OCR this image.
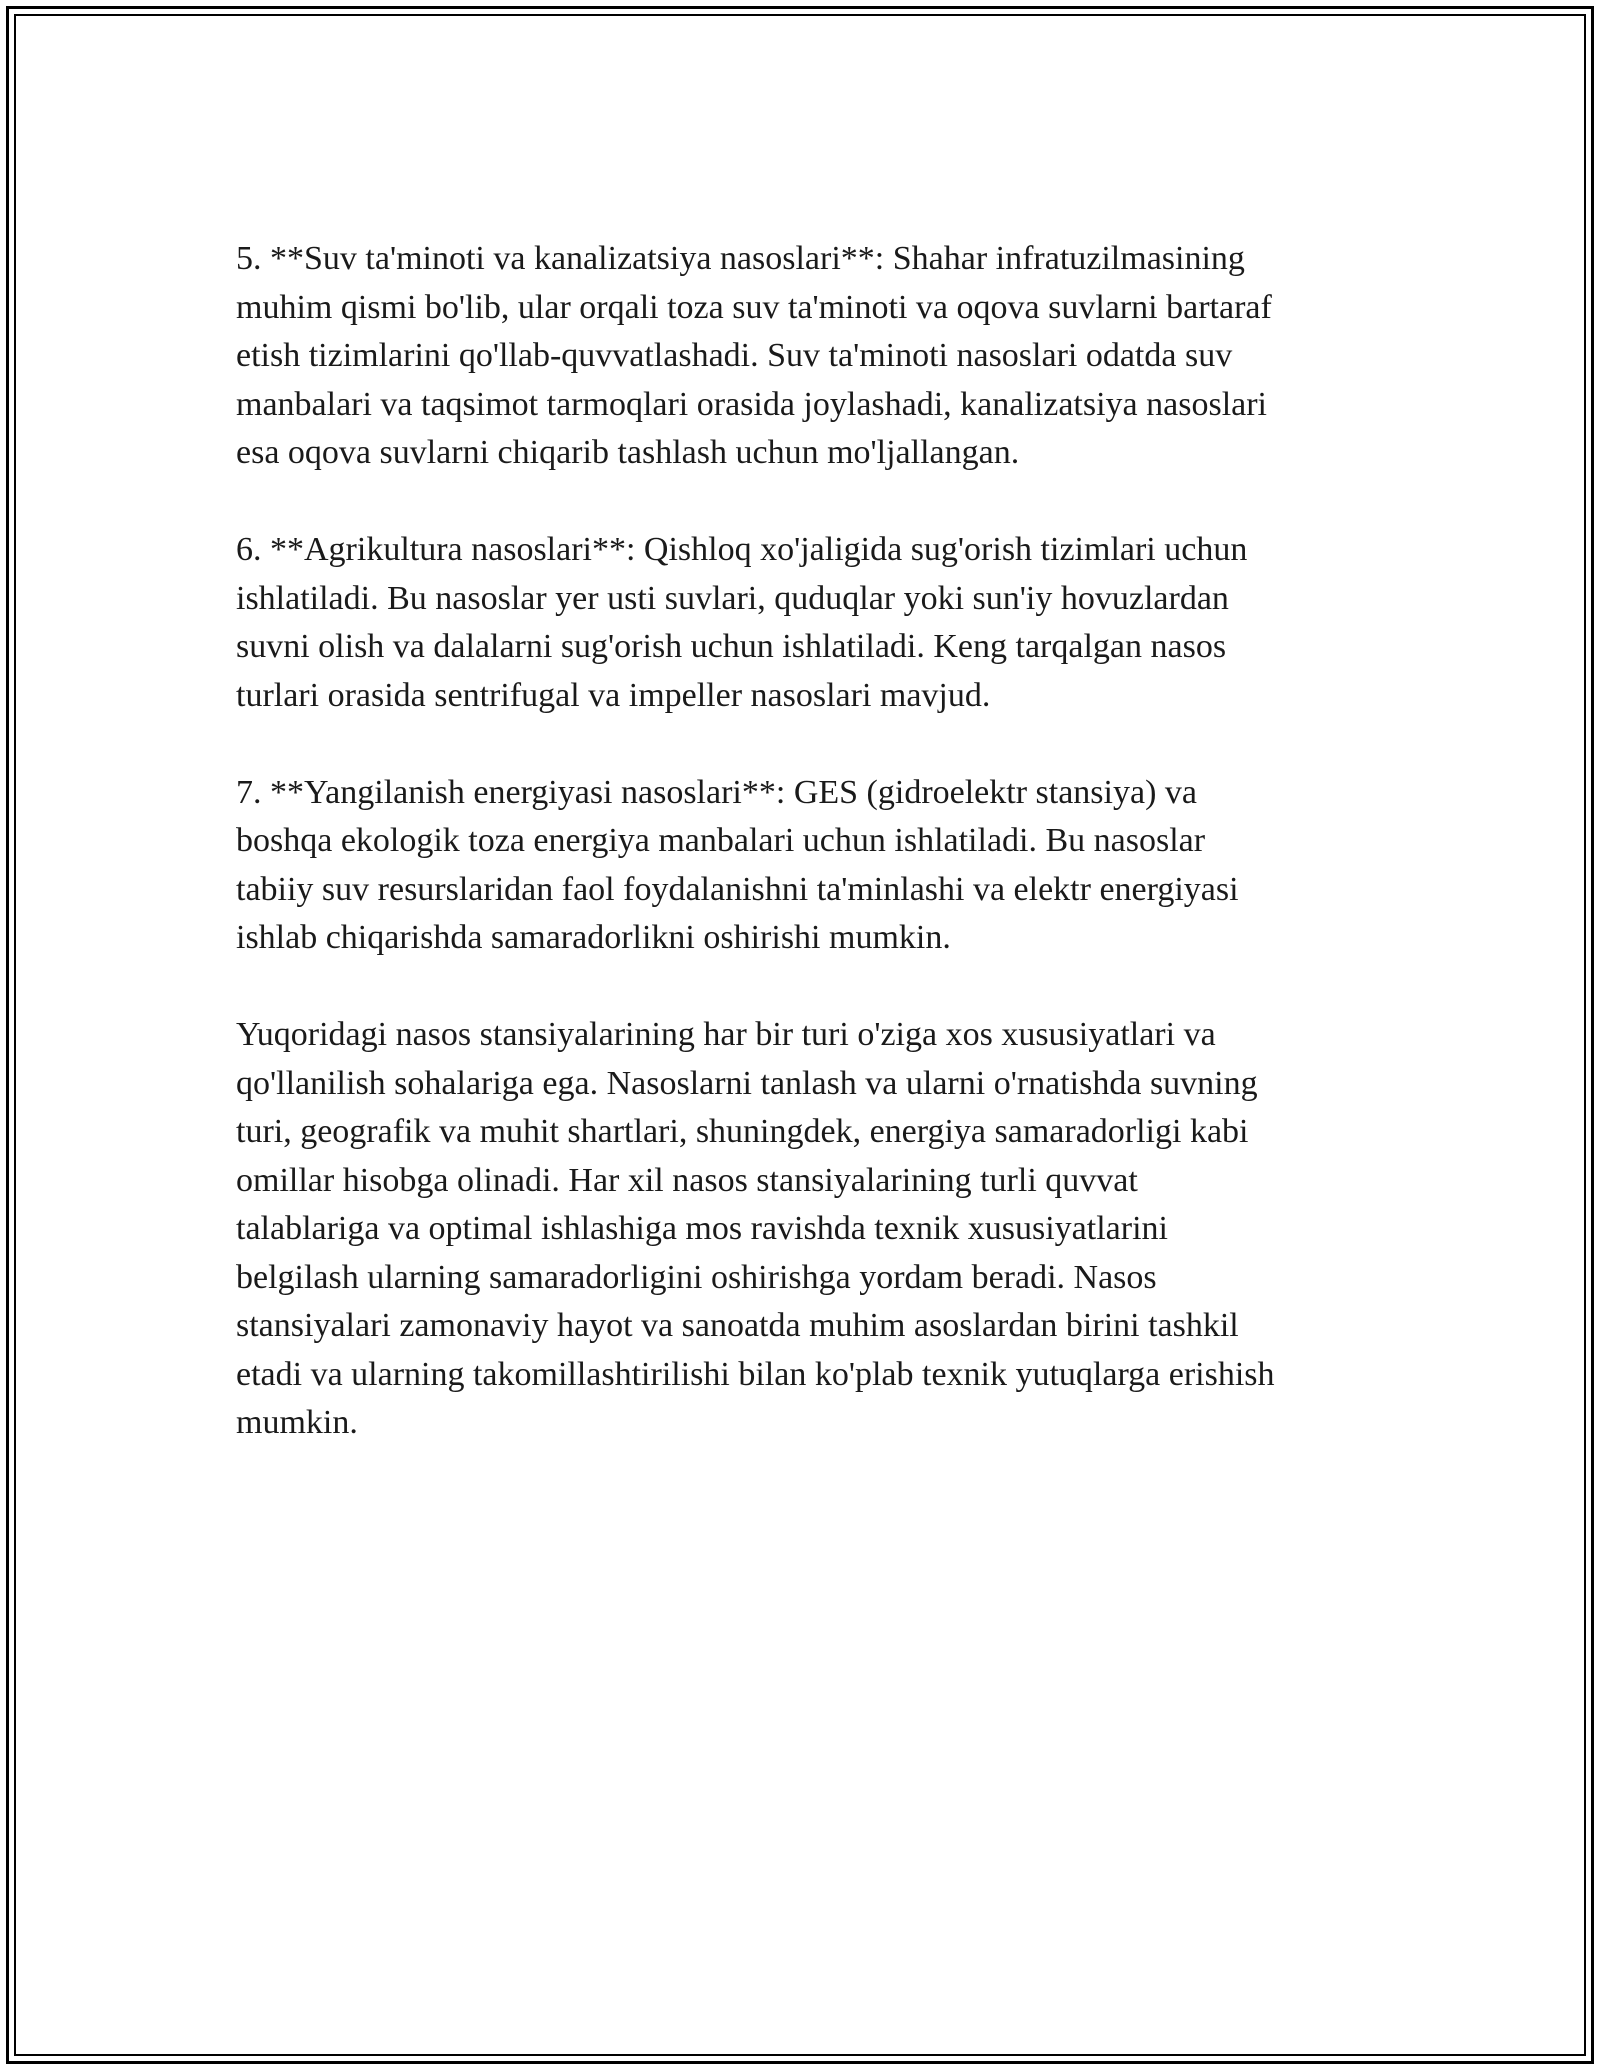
5. **Suv ta'minoti va kanalizatsiya nasoslari**: Shahar infratuzilmasining
muhim qismi bo'lib, ular orqali toza suv ta'minoti va oqova suvlarni bartaraf
etish tizimlarini qo'llab-quvvatlashadi. Suv ta'minoti nasoslari odatda suv
manbalari va taqsimot tarmoqlari orasida joylashadi, kanalizatsiya nasoslari
esa oqova suvlarni chiqarib tashlash uchun mo'ljallangan.

6. **Agrikultura nasoslari**: Qishloq xo'jaligida sug'orish tizimlari uchun
ishlatiladi. Bu nasoslar yer usti suvlari, quduqlar yoki sun'iy hovuzlardan
suvni olish va dalalarni sug'orish uchun ishlatiladi. Keng tarqalgan nasos
turlari orasida sentrifugal va impeller nasoslari mavjud.

7. **Yangilanish energiyasi nasoslari**: GES (gidroelektr stansiya) va
boshqa ekologik toza energiya manbalari uchun ishlatiladi. Bu nasoslar
tabiiy suv resurslaridan faol foydalanishni ta'minlashi va elektr energiyasi
ishlab chiqarishda samaradorlikni oshirishi mumkin.

Yuqoridagi nasos stansiyalarining har bir turi o'ziga xos xususiyatlari va
qo'llanilish sohalariga ega. Nasoslarni tanlash va ularni o'rnatishda suvning
turi, geografik va muhit shartlari, shuningdek, energiya samaradorligi kabi
omillar hisobga olinadi. Har xil nasos stansiyalarining turli quvvat
talablariga va optimal ishlashiga mos ravishda texnik xususiyatlarini
belgilash ularning samaradorligini oshirishga yordam beradi. Nasos
stansiyalari zamonaviy hayot va sanoatda muhim asoslardan birini tashkil
etadi va ularning takomillashtirilishi bilan ko'plab texnik yutuqlarga erishish
mumkin.
